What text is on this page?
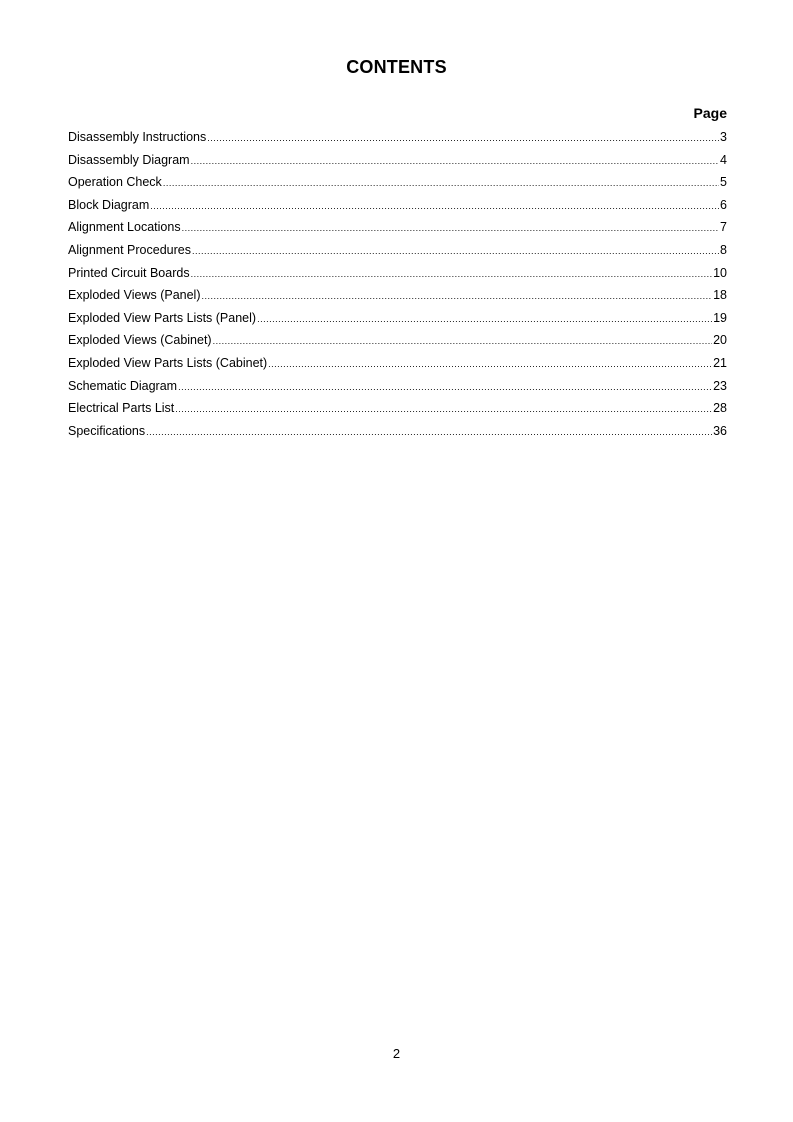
CONTENTS
Page
Disassembly Instructions .....	3
Disassembly Diagram .....	4
Operation Check .....	5
Block Diagram .....	6
Alignment Locations .....	7
Alignment Procedures .....	8
Printed Circuit Boards .....	10
Exploded Views (Panel) .....	18
Exploded View Parts Lists (Panel) .....	19
Exploded Views (Cabinet) .....	20
Exploded View Parts Lists (Cabinet) .....	21
Schematic Diagram .....	23
Electrical Parts List .....	28
Specifications .....	36
2
